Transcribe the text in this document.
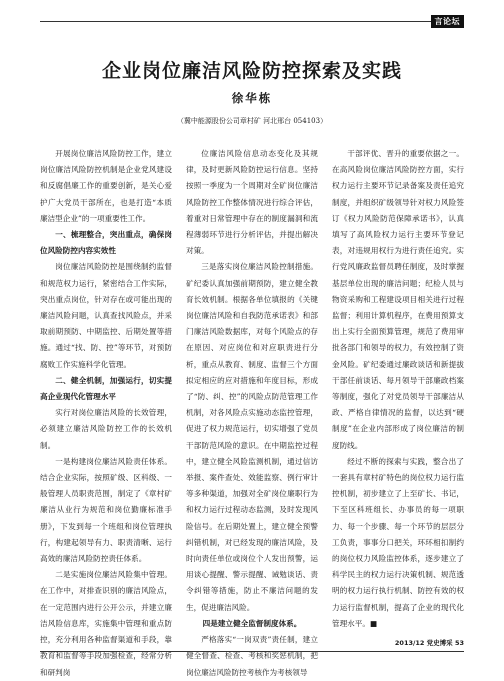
言论坛
企业岗位廉洁风险防控探索及实践
徐华栋
（冀中能源股份公司章村矿 河北邢台 054103）

开展岗位廉洁风险防控工作，建立岗位廉洁风险防控机制是企业党风建设和反腐倡廉工作的重要创新，是关心爱护广大党员干部所在，也是打造“本质廉洁型企业”的一项重要性工作。

一、梳理整合，突出重点，确保岗位风险防控内容实效性

岗位廉洁风险防控是围绕制约监督和规范权力运行，紧密结合工作实际，突出重点岗位，针对存在或可能出现的廉洁风险问题，认真查找风险点，并采取前期预防、中期监控、后期处置等措施。通过“找、防、控”等环节，对预防腐败工作实施科学化管理。

二、健全机制，加强运行，切实提高企业现代化管理水平

实行对岗位廉洁风险的长效管理，必须建立廉洁风险防控工作的长效机制。

一是构建岗位廉洁风险责任体系。结合企业实际，按照矿级、区科级、一般管理人员职责范围，制定了《章村矿廉洁从业行为规范和岗位勤廉标准手册》，下发到每一个班组和岗位管理执行，构建起领导有力、职责清晰、运行高效的廉洁风险防控责任体系。

二是实施岗位廉洁风险集中管理。在工作中，对排查识别的廉洁风险点，在一定范围内进行公开公示，并建立廉洁风险信息库，实施集中管理和重点防控，充分利用各种监督渠道和手段，靠教育和监督等手段加强检查，经常分析和研判岗

位廉洁风险信息动态变化及其规律，及时更新风险防控运行信息。坚持按照一季度为一个周期对全矿岗位廉洁风险防控工作整体情况进行综合评估，着重对日常管理中存在的制度漏洞和流程薄弱环节进行分析评估，并提出解决对策。

三是落实岗位廉洁风险控制措施。矿纪委认真加强前期预防，建立健全教育长效机制。根据各单位填报的《关键岗位廉洁风险和自我防范承诺表》和部门廉洁风险数据库，对每个风险点的存在原因、对应岗位和对应职责进行分析，重点从教育、制度、监督三个方面拟定相应的应对措施和年度目标，形成了“防、纠、控”的风险点防范管理工作机制，对各风险点实施动态监控管理，促进了权力规范运行，切实增强了党员干部防范风险的意识。在中期监控过程中，建立健全风险监测机制，通过信访举报、案件查处、效能监察、例行审计等多种渠道，加强对全矿岗位廉职行为和权力运行过程动态监测，及时发现风险信号。在后期处置上，建立健全预警纠错机制，对已经发现的廉洁风险，及时向责任单位或岗位个人发出预警，运用谈心提醒、警示提醒、诫勉谈话、责令纠错等措施，防止不廉洁问题的发生，促进廉洁风险。

四是建立健全监督制度体系。

严格落实“一岗双责”责任制，建立健全督查、检查、考核和奖惩机制，把岗位廉洁风险防控考核作为考核领导

干部评优、晋升的重要依据之一。在高风险岗位廉洁风险防控方面，实行权力运行主要环节记录备案及责任追究制度，并组织矿级领导针对权力风险签订《权力风险防范保障承诺书》，认真填写了高风险权力运行主要环节登记表，对违规用权行为进行责任追究。实行党风廉政监督员聘任制度，及时掌握基层单位出现的廉洁问题；纪检人员与物资采购和工程建设项目相关进行过程监督；利用计算机程序，在费用预算支出上实行全面预算管理，规范了费用审批各部门和领导的权力，有效控制了资金风险。矿纪委通过廉政谈话和新提拔干部任前谈话、每月领导干部廉政档案等制度，强化了对党员领导干部廉洁从政、严格自律情况的监督，以达到“硬制度”在企业内部形成了岗位廉洁的制度防线。

经过不断的探索与实践，整合出了一套具有章村矿特色的岗位权力运行监控机制，初步建立了上至矿长、书记，下至区科班组长、办事员的每一项职力、每一个步骤、每一个环节的层层分工负责，事事分口把关，环环相扣制约的岗位权力风险监控体系，逐步建立了科学民主的权力运行决策机制、规范透明的权力运行执行机制、防控有效的权力运行监督机制，提高了企业的现代化管理水平。■

2013/12 党史博采 53
